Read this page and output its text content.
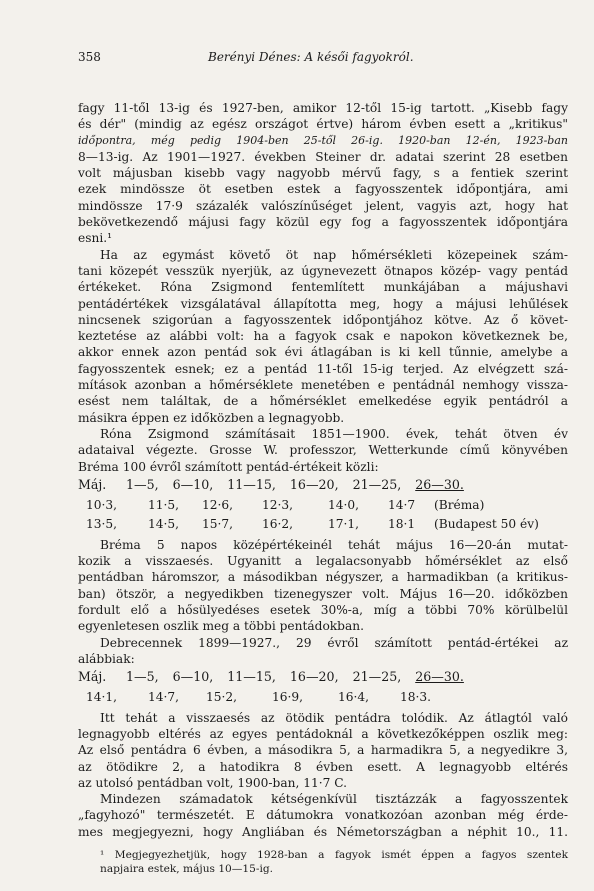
358	Berényi Dénes: A késői fagyokról.

fagy 11-től 13-ig és 1927-ben, amikor 12-től 15-ig tartott. „Kisebb fagy
és dér" (mindig az egész országot értve) három évben esett a „kritikus"

időpontra, még pedig 1904-ben 25-től 26-ig. 1920-ban 12-én, 1923-ban

8—13-ig. Az 1901—1927. években Steiner dr. adatai szerint 28 esetben
volt májusban kisebb vagy nagyobb mérvű fagy, s a fentiek szerint
ezek mindössze öt esetben estek a fagyosszentek időpontjára, ami
mindössze 17·9 százalék valószínűséget jelent, vagyis azt, hogy hat
bekövetkezendő májusi fagy közül egy fog a fagyosszentek időpontjára
esni.¹

Ha az egymást követő öt nap hőmérsékleti közepeinek szám-
tani közepét vesszük nyerjük, az úgynevezett ötnapos közép- vagy pentád
értékeket. Róna Zsigmond fentemlített munkájában a májushavi
pentádértékek vizsgálatával állapította meg, hogy a májusi lehűlések
nincsenek szigorúan a fagyosszentek időpontjához kötve. Az ő követ-
keztetése az alábbi volt: ha a fagyok csak e napokon következnek be,
akkor ennek azon pentád sok évi átlagában is ki kell tűnnie, amelybe a
fagyosszentek esnek; ez a pentád 11-től 15-ig terjed. Az elvégzett szá-
mítások azonban a hőmérséklete menetében e pentádnál nemhogy vissza-
esést nem találtak, de a hőmérséklet emelkedése egyik pentádról a
másikra éppen ez időközben a legnagyobb.

Róna Zsigmond számításait 1851—1900. évek, tehát ötven év
adataival végezte. Grosse W. professzor, Wetterkunde című könyvében
Bréma 100 évről számított pentád-értékeit közli:

Máj.	1—5, 6—10, 11—15, 16—20, 21—25, 26—30.
10·3,	11·5,	12·6,	12·3,	14·0,	14·7 (Bréma)
13·5,	14·5,	15·7,	16·2,	17·1,	18·1 (Budapest 50 év)

Bréma 5 napos középértékeinél tehát május 16—20-án mutat-
kozik a visszaesés. Ugyanitt a legalacsonyabb hőmérséklet az első
pentádban háromszor, a másodikban négyszer, a harmadikban (a kritikus-
ban) ötször, a negyedikben tizenegyszer volt. Május 16—20. időközben
fordult elő a hősülyedéses esetek 30%-a, míg a többi 70% körülbelül
egyenletesen oszlik meg a többi pentádokban.

Debrecennek 1899—1927., 29 évről számított pentád-értékei az
alábbiak:

Máj.	1—5, 6—10, 11—15, 16—20, 21—25, 26—30.
14·1,	14·7,	15·2,	16·9,	16·4,	18·3.

Itt tehát a visszaesés az ötödik pentádra tolódik. Az átlagtól való
legnagyobb eltérés az egyes pentádoknál a következőképpen oszlik meg:
Az első pentádra 6 évben, a másodikra 5, a harmadikra 5, a negyedikre 3,
az ötödikre 2, a hatodikra 8 évben esett. A legnagyobb eltérés
az utolsó pentádban volt, 1900-ban, 11·7 C.

Mindezen számadatok kétségenkívül tisztázzák a fagyosszentek
„fagyhozó" természetét. E dátumokra vonatkozóan azonban még érde-
mes megjegyezni, hogy Angliában és Németországban a néphit 10., 11.

¹ Megjegyezhetjük, hogy 1928-ban a fagyok ismét éppen a fagyos szentek
napjaira estek, május 10—15-ig.
